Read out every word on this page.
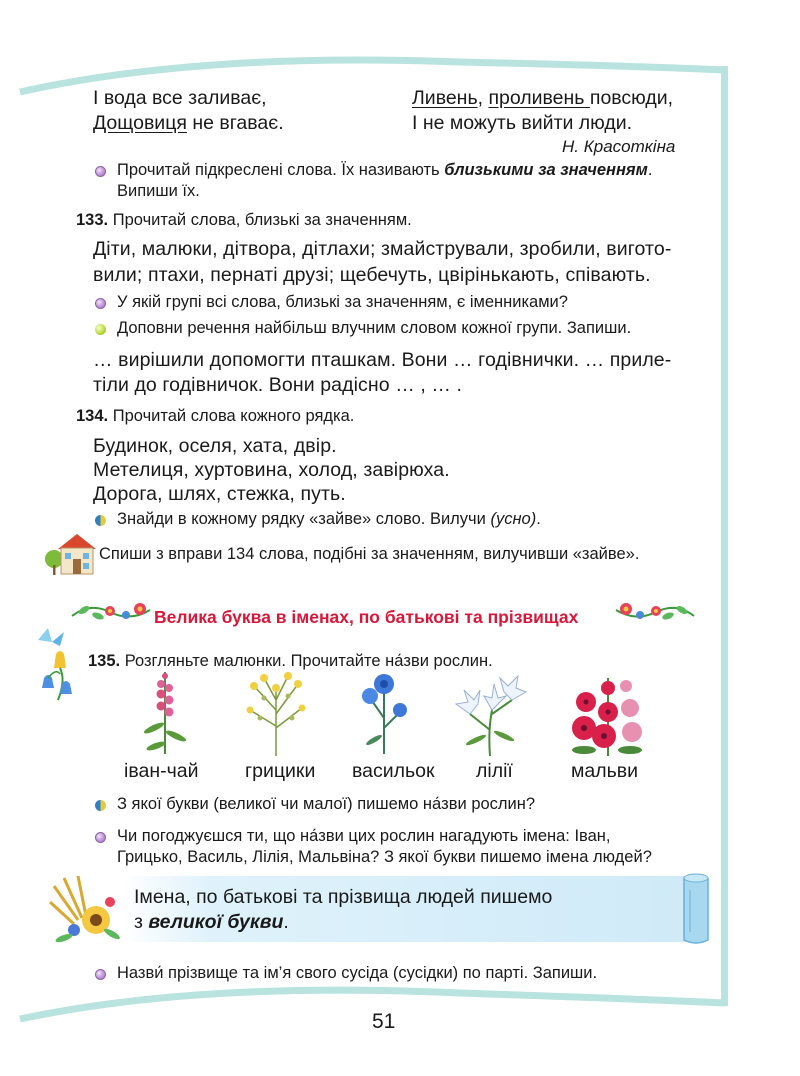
І вода все заливає,
Дощовиця не вгаває.
Ливень, проливень повсюди,
І не можуть вийти люди.
Н. Красоткіна
Прочитай підкреслені слова. Їх називають близькими за значенням.
Випиши їх.
133. Прочитай слова, близькі за значенням.
Діти, малюки, дітвора, дітлахи; змайстрували, зробили, вигото-
вили; птахи, пернаті друзі; щебечуть, цвірінькають, співають.
У якій групі всі слова, близькі за значенням, є іменниками?
Доповни речення найбільш влучним словом кожної групи. Запиши.
… вирішили допомогти пташкам. Вони … годівнички. … приле-
тіли до годівничок. Вони радісно … , … .
134. Прочитай слова кожного рядка.
Будинок, оселя, хата, двір.
Метелиця, хуртовина, холод, завірюха.
Дорога, шлях, стежка, путь.
Знайди в кожному рядку «зайве» слово. Вилучи (усно).
Спиши з вправи 134 слова, подібні за значенням, вилучивши «зайве».
Велика буква в іменах, по батькові та прізвищах
135. Розгляньте малюнки. Прочитайте на́зви рослин.
іван-чай грицики васильок лілії	мальви
З якої букви (великої чи малої) пишемо на́зви рослин?
Чи погоджуєшся ти, що на́зви цих рослин нагадують імена: Іван,
Грицько, Василь, Лілія, Мальвіна? З якої букви пишемо імена людей?
Імена, по батькові та прізвища людей пишемо
з великої букви.
Назви́ прізвище та ім’я свого сусіда (сусідки) по парті. Запиши.
51
